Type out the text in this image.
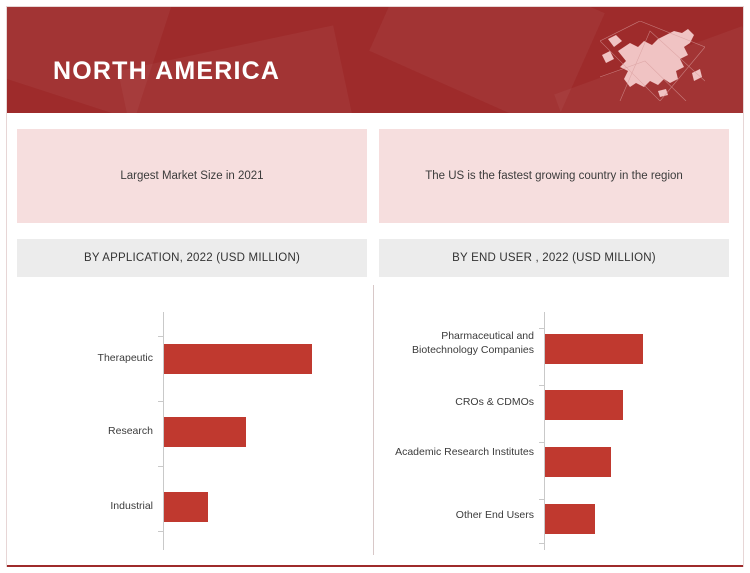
NORTH AMERICA
Largest Market Size in 2021	The US is the fastest growing country in the region
BY APPLICATION, 2022 (USD MILLION)	BY END USER , 2022 (USD MILLION)
Therapeutic
Research
Industrial
Pharmaceutical and Biotechnology Companies
CROs & CDMOs
Academic Research Institutes
Other End Users
